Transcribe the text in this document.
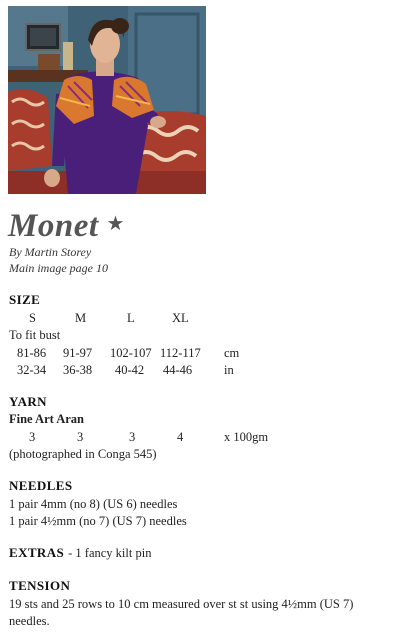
Monet ★
By Martin Storey
Main image page 10
SIZE
S	M	L	XL
To fit bust
81-86 91-97 102-107 112-117 cm
32-34 36-38 40-42 44-46	in
YARN
Fine Art Aran
3	3	3	4	x 100gm
(photographed in Conga 545)
NEEDLES
1 pair 4mm (no 8) (US 6) needles
1 pair 4½mm (no 7) (US 7) needles
EXTRAS - 1 fancy kilt pin
TENSION
19 sts and 25 rows to 10 cm measured over st st using 4½mm (US 7)
needles.
